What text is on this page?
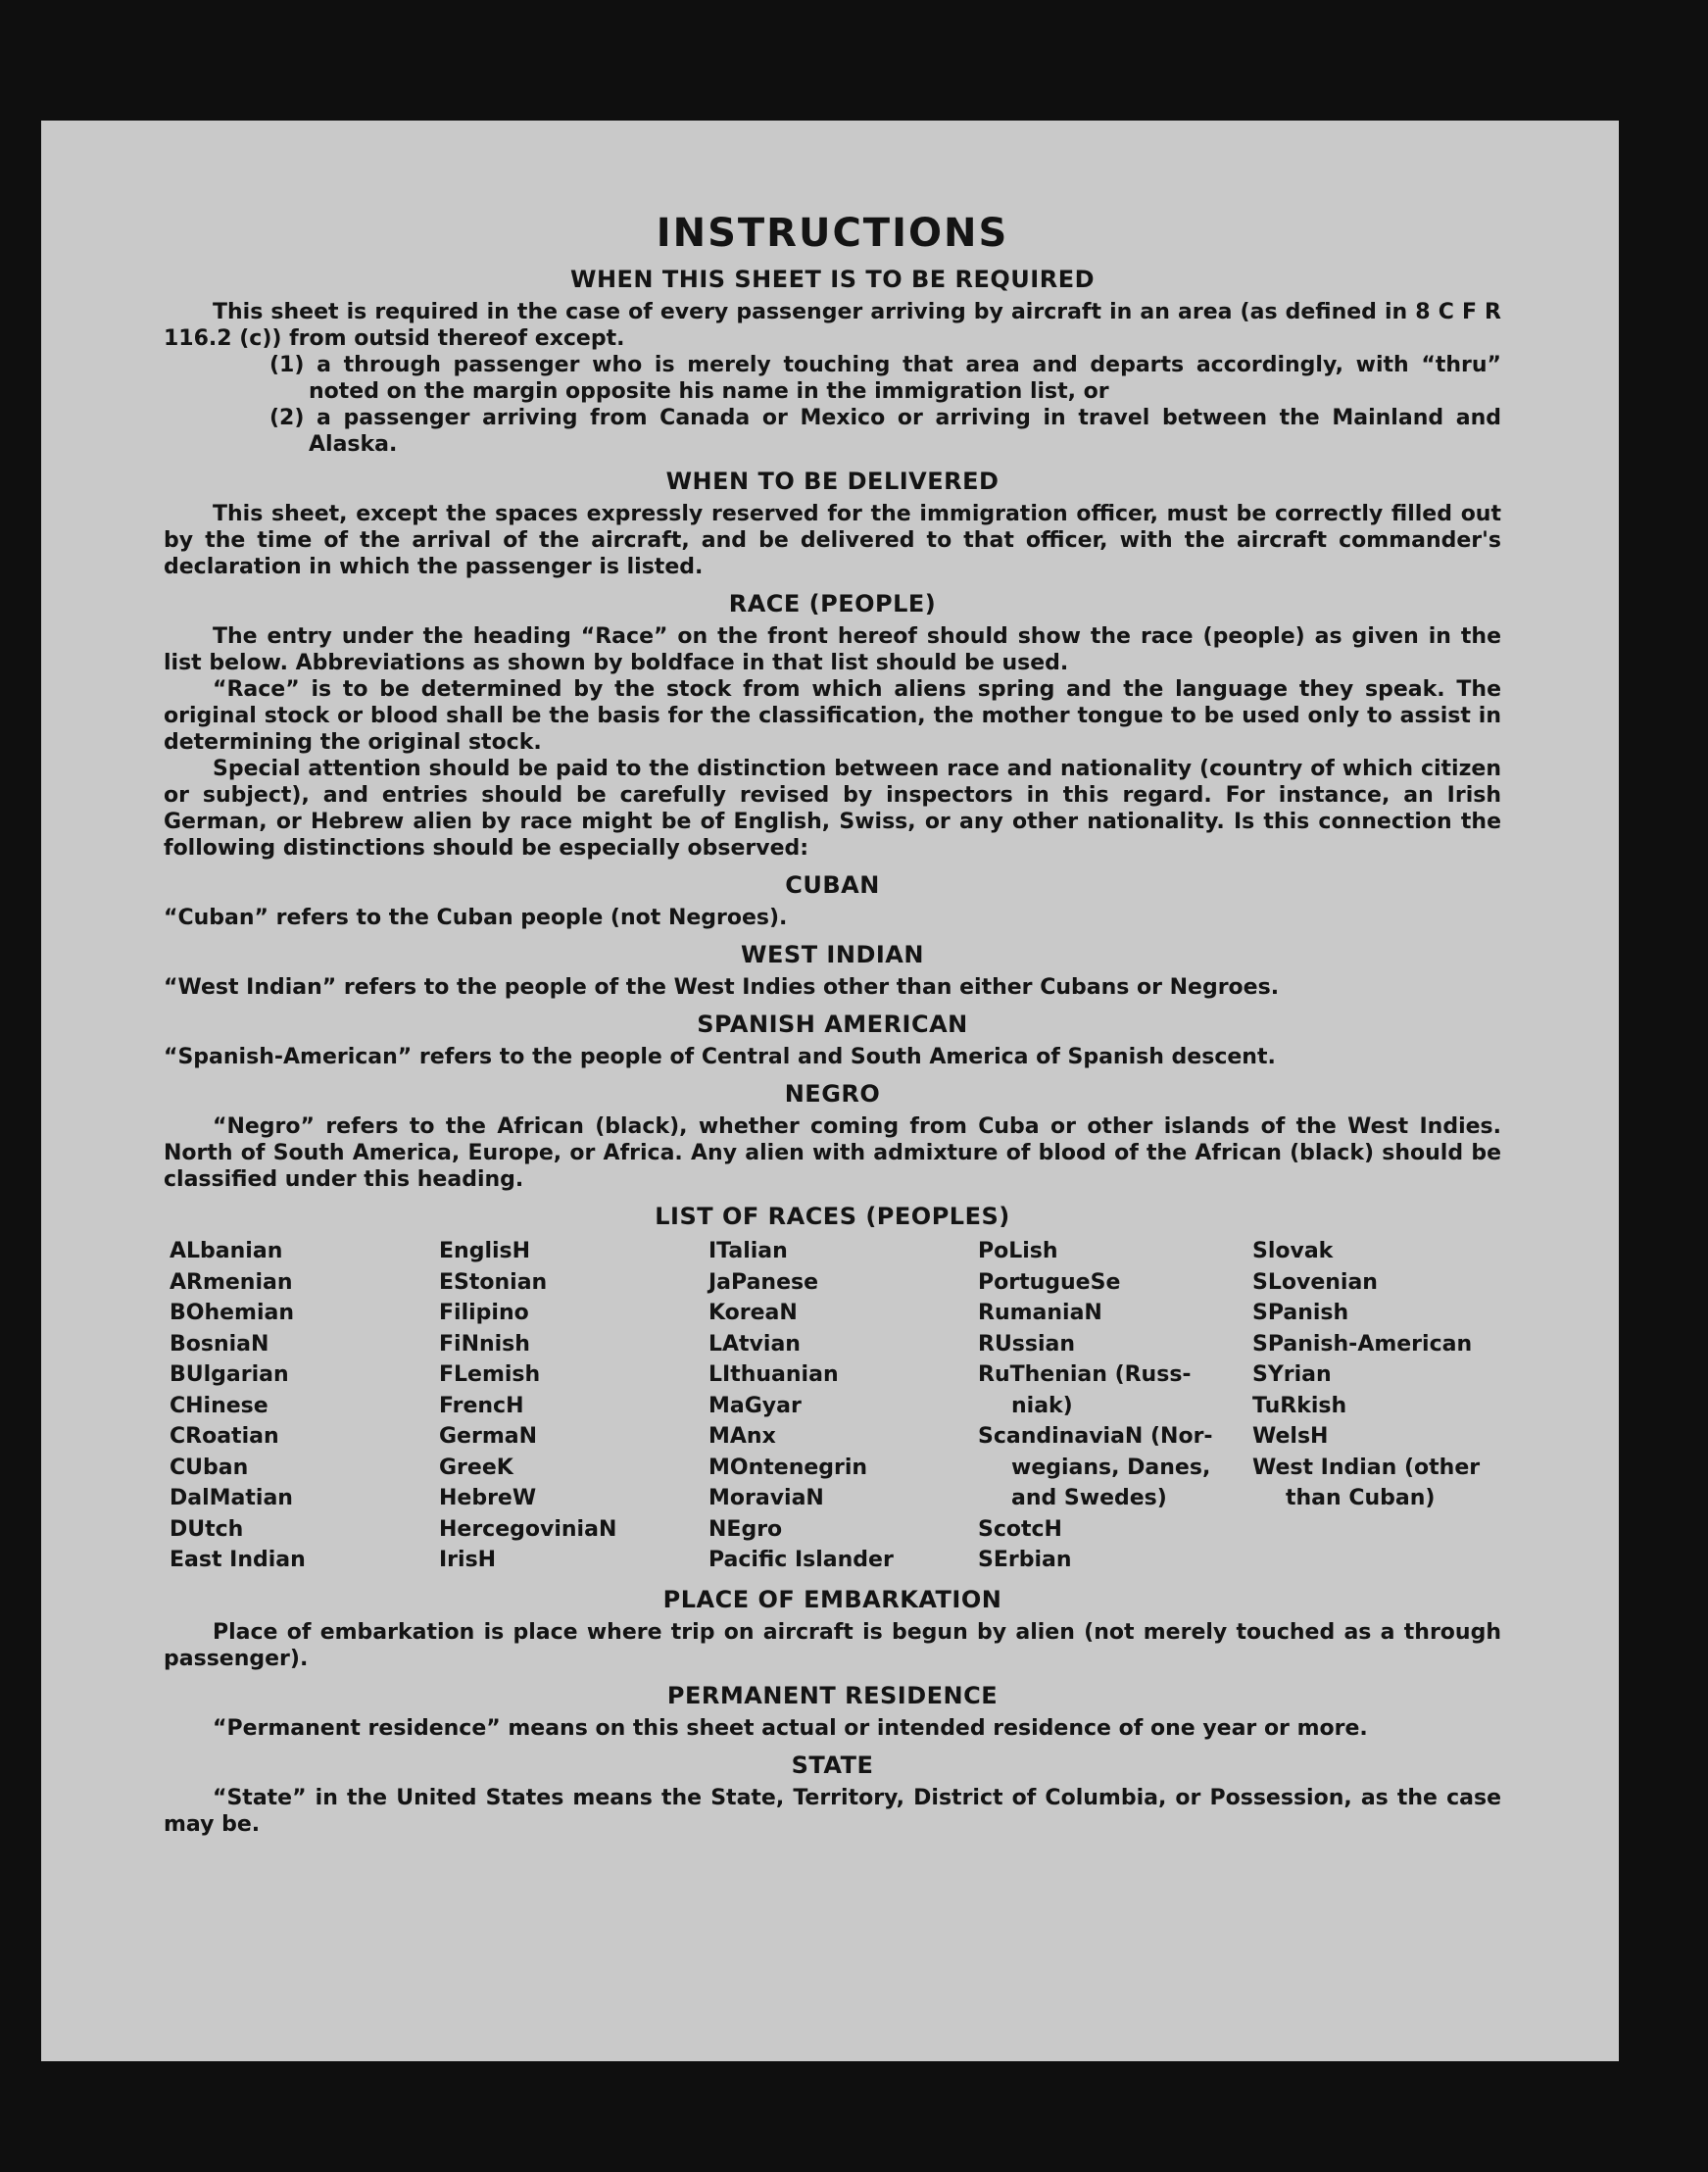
INSTRUCTIONS
WHEN THIS SHEET IS TO BE REQUIRED

This sheet is required in the case of every passenger arriving by aircraft in an area (as defined in 8 C F R 116.2 (c)) from outsid thereof except.

(1) a through passenger who is merely touching that area and departs accordingly, with “thru” noted on the margin opposite his name in the immigration list, or
(2) a passenger arriving from Canada or Mexico or arriving in travel between the Mainland and Alaska.
WHEN TO BE DELIVERED

This sheet, except the spaces expressly reserved for the immigration officer, must be correctly filled out by the time of the arrival of the aircraft, and be delivered to that officer, with the aircraft commander's declaration in which the passenger is listed.

RACE (PEOPLE)

The entry under the heading “Race” on the front hereof should show the race (people) as given in the list below. Abbreviations as shown by boldface in that list should be used.

“Race” is to be determined by the stock from which aliens spring and the language they speak. The original stock or blood shall be the basis for the classification, the mother tongue to be used only to assist in determining the original stock.

Special attention should be paid to the distinction between race and nationality (country of which citizen or subject), and entries should be carefully revised by inspectors in this regard. For instance, an Irish German, or Hebrew alien by race might be of English, Swiss, or any other nationality. Is this connection the following distinctions should be especially observed:

CUBAN

“Cuban” refers to the Cuban people (not Negroes).

WEST INDIAN

“West Indian” refers to the people of the West Indies other than either Cubans or Negroes.

SPANISH AMERICAN

“Spanish-American” refers to the people of Central and South America of Spanish descent.

NEGRO

“Negro” refers to the African (black), whether coming from Cuba or other islands of the West Indies. North of South America, Europe, or Africa. Any alien with admixture of blood of the African (black) should be classified under this heading.

LIST OF RACES (PEOPLES)
ALbanian
ARmenian
BOhemian
BosniaN
BUlgarian
CHinese
CRoatian
CUban
DalMatian
DUtch
East Indian
EnglisH
EStonian
Filipino
FiNnish
FLemish
FrencH
GermaN
GreeK
HebreW
HercegoviniaN
IrisH
ITalian
JaPanese
KoreaN
LAtvian
LIthuanian
MaGyar
MAnx
MOntenegrin
MoraviaN
NEgro
Pacific Islander
PoLish
PortugueSe
RumaniaN
RUssian
RuThenian (Russ-
niak)
ScandinaviaN (Nor-
wegians, Danes,
and Swedes)
ScotcH
SErbian
Slovak
SLovenian
SPanish
SPanish-American
SYrian
TuRkish
WelsH
West Indian (other
than Cuban)
PLACE OF EMBARKATION

Place of embarkation is place where trip on aircraft is begun by alien (not merely touched as a through passenger).

PERMANENT RESIDENCE

“Permanent residence” means on this sheet actual or intended residence of one year or more.

STATE

“State” in the United States means the State, Territory, District of Columbia, or Possession, as the case may be.
